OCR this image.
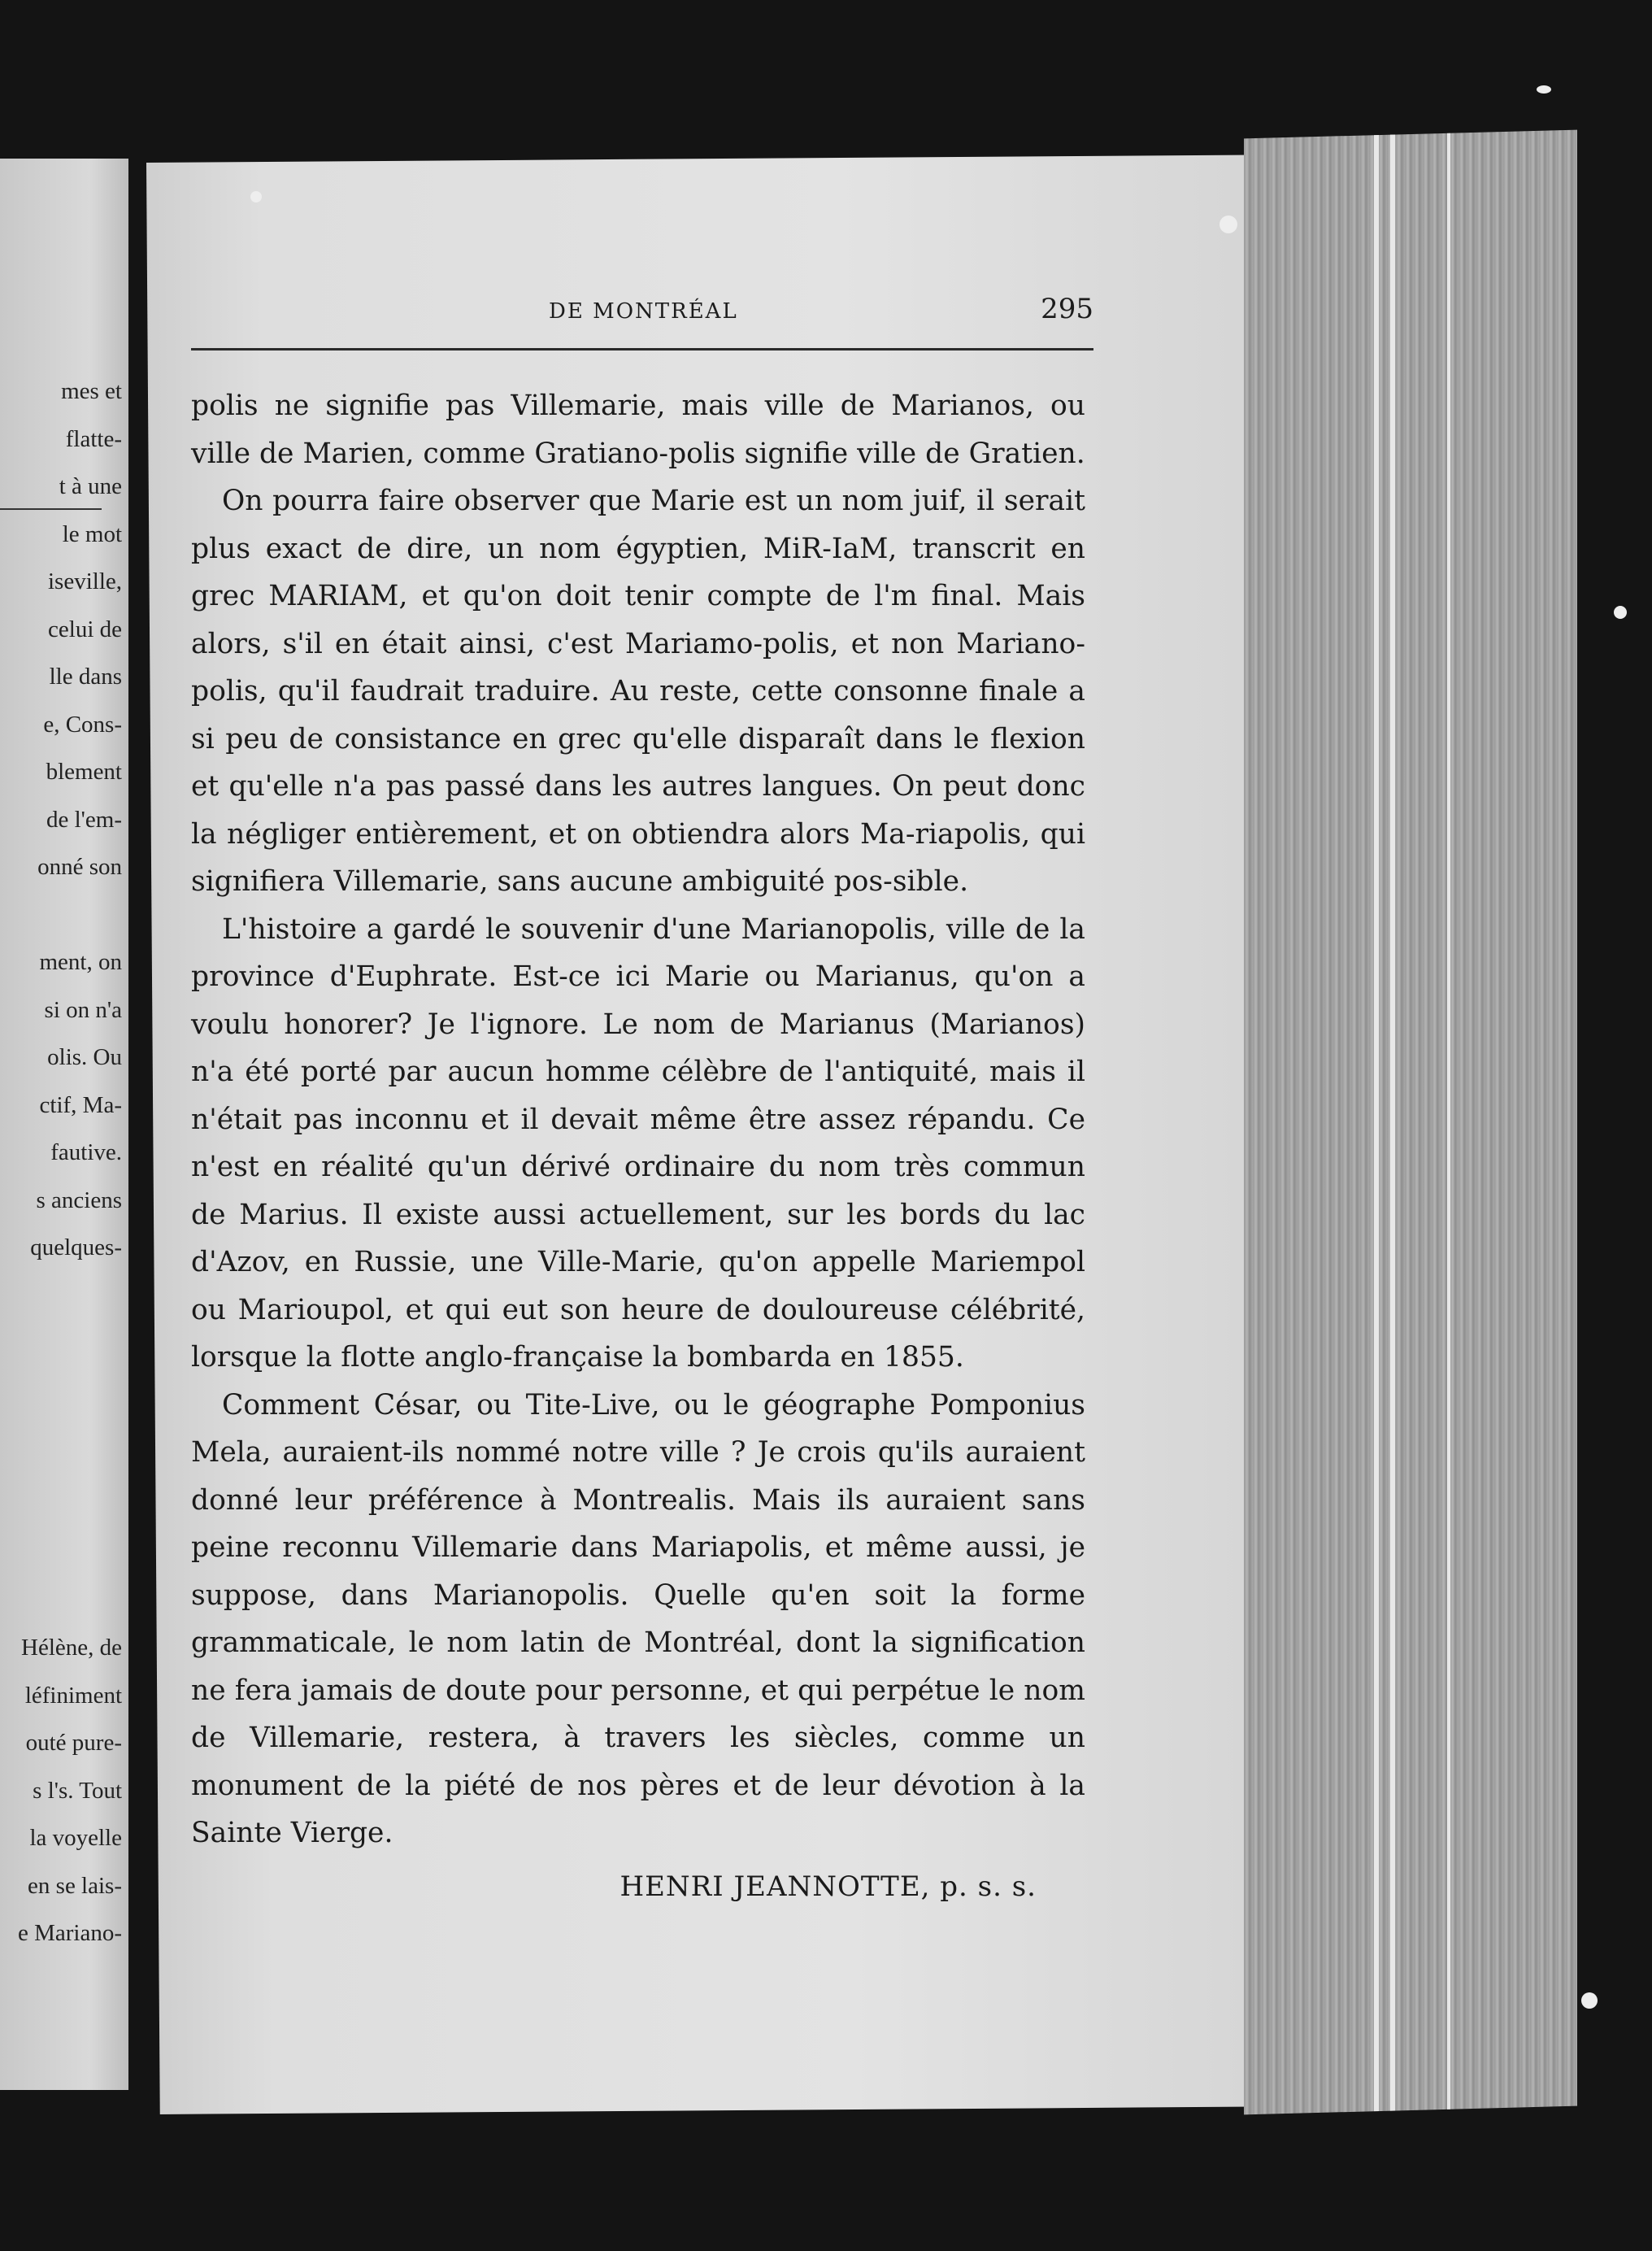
mes et
flatte-
t à une
le mot
iseville,
celui de
lle dans
e, Cons-
blement
de l'em-
onné son
ment, on
si on n'a
olis. Ou
ctif, Ma-
fautive.
s anciens
quelques-
Hélène, de
léfiniment
outé pure-
s l's. Tout
la voyelle
en se lais-
e Mariano-
DE MONTRÉAL	295

polis ne signifie pas Villemarie, mais ville de Marianos, ou ville de Marien, comme Gratiano-polis signifie ville de Gratien.

On pourra faire observer que Marie est un nom juif, il serait plus exact de dire, un nom égyptien, MiR-IaM, transcrit en grec MARIAM, et qu'on doit tenir compte de l'm final. Mais alors, s'il en était ainsi, c'est Mariamo-polis, et non Mariano-polis, qu'il faudrait traduire. Au reste, cette consonne finale a si peu de consistance en grec qu'elle disparaît dans le flexion et qu'elle n'a pas passé dans les autres langues. On peut donc la négliger entièrement, et on obtiendra alors Ma-riapolis, qui signifiera Villemarie, sans aucune ambiguité pos-sible.

L'histoire a gardé le souvenir d'une Marianopolis, ville de la province d'Euphrate. Est-ce ici Marie ou Marianus, qu'on a voulu honorer? Je l'ignore. Le nom de Marianus (Marianos) n'a été porté par aucun homme célèbre de l'antiquité, mais il n'était pas inconnu et il devait même être assez répandu. Ce n'est en réalité qu'un dérivé ordinaire du nom très commun de Marius. Il existe aussi actuellement, sur les bords du lac d'Azov, en Russie, une Ville-Marie, qu'on appelle Mariempol ou Marioupol, et qui eut son heure de douloureuse célébrité, lorsque la flotte anglo-française la bombarda en 1855.

Comment César, ou Tite-Live, ou le géographe Pomponius Mela, auraient-ils nommé notre ville ? Je crois qu'ils auraient donné leur préférence à Montrealis. Mais ils auraient sans peine reconnu Villemarie dans Mariapolis, et même aussi, je suppose, dans Marianopolis. Quelle qu'en soit la forme grammaticale, le nom latin de Montréal, dont la signification ne fera jamais de doute pour personne, et qui perpétue le nom de Villemarie, restera, à travers les siècles, comme un monument de la piété de nos pères et de leur dévotion à la Sainte Vierge.

HENRI JEANNOTTE, p. s. s.
